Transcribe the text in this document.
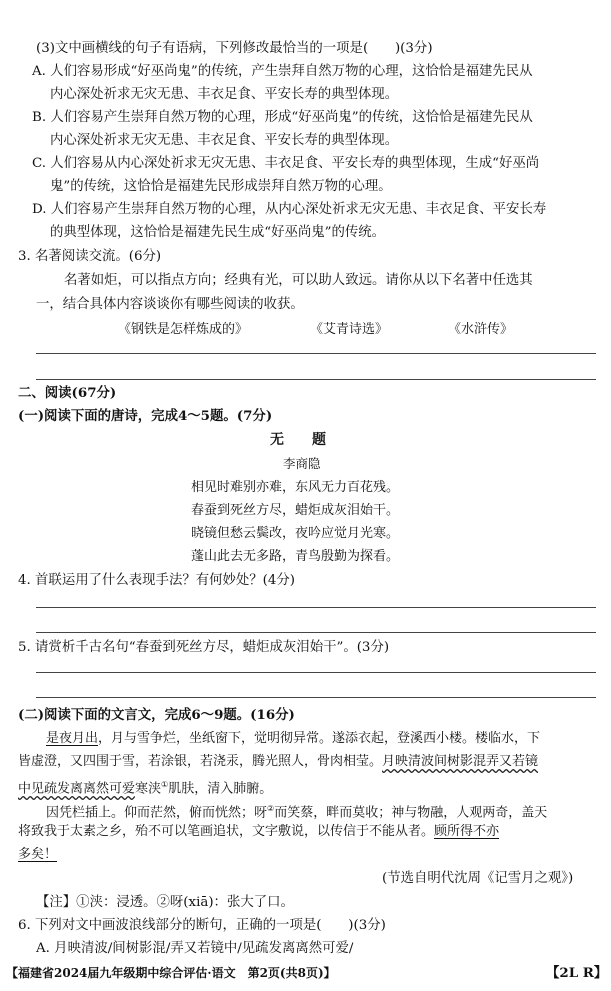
(3)文中画横线的句子有语病，下列修改最恰当的一项是(　　)(3分)
A. 人们容易形成“好巫尚鬼”的传统，产生崇拜自然万物的心理，这恰恰是福建先民从
内心深处祈求无灾无患、丰衣足食、平安长寿的典型体现。
B. 人们容易产生崇拜自然万物的心理，形成“好巫尚鬼”的传统，这恰恰是福建先民从
内心深处祈求无灾无患、丰衣足食、平安长寿的典型体现。
C. 人们容易从内心深处祈求无灾无患、丰衣足食、平安长寿的典型体现，生成“好巫尚
鬼”的传统，这恰恰是福建先民形成崇拜自然万物的心理。
D. 人们容易产生崇拜自然万物的心理，从内心深处祈求无灾无患、丰衣足食、平安长寿
的典型体现，这恰恰是福建先民生成“好巫尚鬼”的传统。
3. 名著阅读交流。(6分)
名著如炬，可以指点方向；经典有光，可以助人致远。请你从以下名著中任选其
一，结合具体内容谈谈你有哪些阅读的收获。
《钢铁是怎样炼成的》	《艾青诗选》	《水浒传》
二、阅读(67分)
(一)阅读下面的唐诗，完成4～5题。(7分)
无　　题
李商隐
相见时难别亦难，东风无力百花残。
春蚕到死丝方尽，蜡炬成灰泪始干。
晓镜但愁云鬓改，夜吟应觉月光寒。
蓬山此去无多路，青鸟殷勤为探看。
4. 首联运用了什么表现手法？有何妙处？(4分)
5. 请赏析千古名句“春蚕到死丝方尽，蜡炬成灰泪始干”。(3分)
(二)阅读下面的文言文，完成6～9题。(16分)
是夜月出，月与雪争烂，坐纸窗下，觉明彻异常。遂添衣起，登溪西小楼。楼临水，下
皆虚澄，又四围于雪，若涂银，若浇汞，腾光照人，骨肉相莹。月映清波间树影混弄又若镜
中见疏发离离然可爱寒浃①肌肤，清入肺腑。
因凭栏插上。仰而茫然，俯而恍然；呀②而笑蔡，畔而莫收；神与物融，人观两奇，盖天
将致我于太素之乡，殆不可以笔画追状，文字敷说，以传信于不能从者。顾所得不亦
多矣！
(节选自明代沈周《记雪月之观》)
【注】①浃：浸透。②呀(xiā)：张大了口。
6. 下列对文中画波浪线部分的断句，正确的一项是(　　)(3分)
A. 月映清波/间树影混/弄又若镜中/见疏发离离然可爱/
【福建省2024届九年级期中综合评估·语文　第2页(共8页)】	【2L R】
